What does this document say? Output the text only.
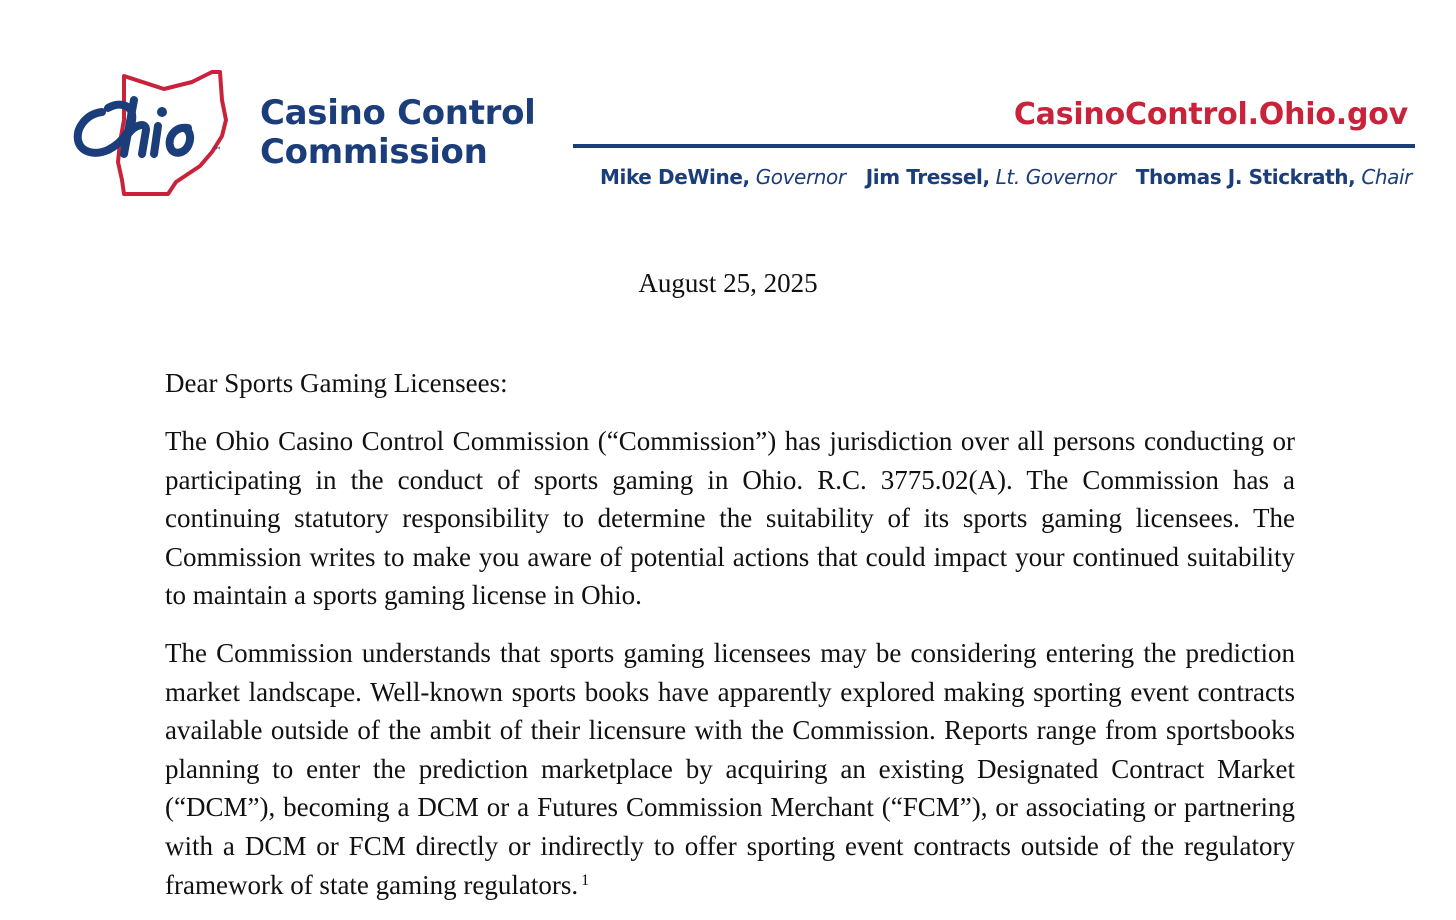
™
Casino Control
Commission
CasinoControl.Ohio.gov
Mike DeWine, Governor Jim Tressel, Lt. Governor Thomas J. Stickrath, Chair
August 25, 2025
Dear Sports Gaming Licensees:

The Ohio Casino Control Commission (“Commission”) has jurisdiction over all persons conducting or participating in the conduct of sports gaming in Ohio. R.C. 3775.02(A). The Commission has a continuing statutory responsibility to determine the suitability of its sports gaming licensees. The Commission writes to make you aware of potential actions that could impact your continued suitability to maintain a sports gaming license in Ohio.

The Commission understands that sports gaming licensees may be considering entering the prediction market landscape. Well-known sports books have apparently explored making sporting event contracts available outside of the ambit of their licensure with the Commission. Reports range from sportsbooks planning to enter the prediction marketplace by acquiring an existing Designated Contract Market (“DCM”), becoming a DCM or a Futures Commission Merchant (“FCM”), or associating or partnering with a DCM or FCM directly or indirectly to offer sporting event contracts outside of the regulatory framework of state gaming regulators. $^1$
